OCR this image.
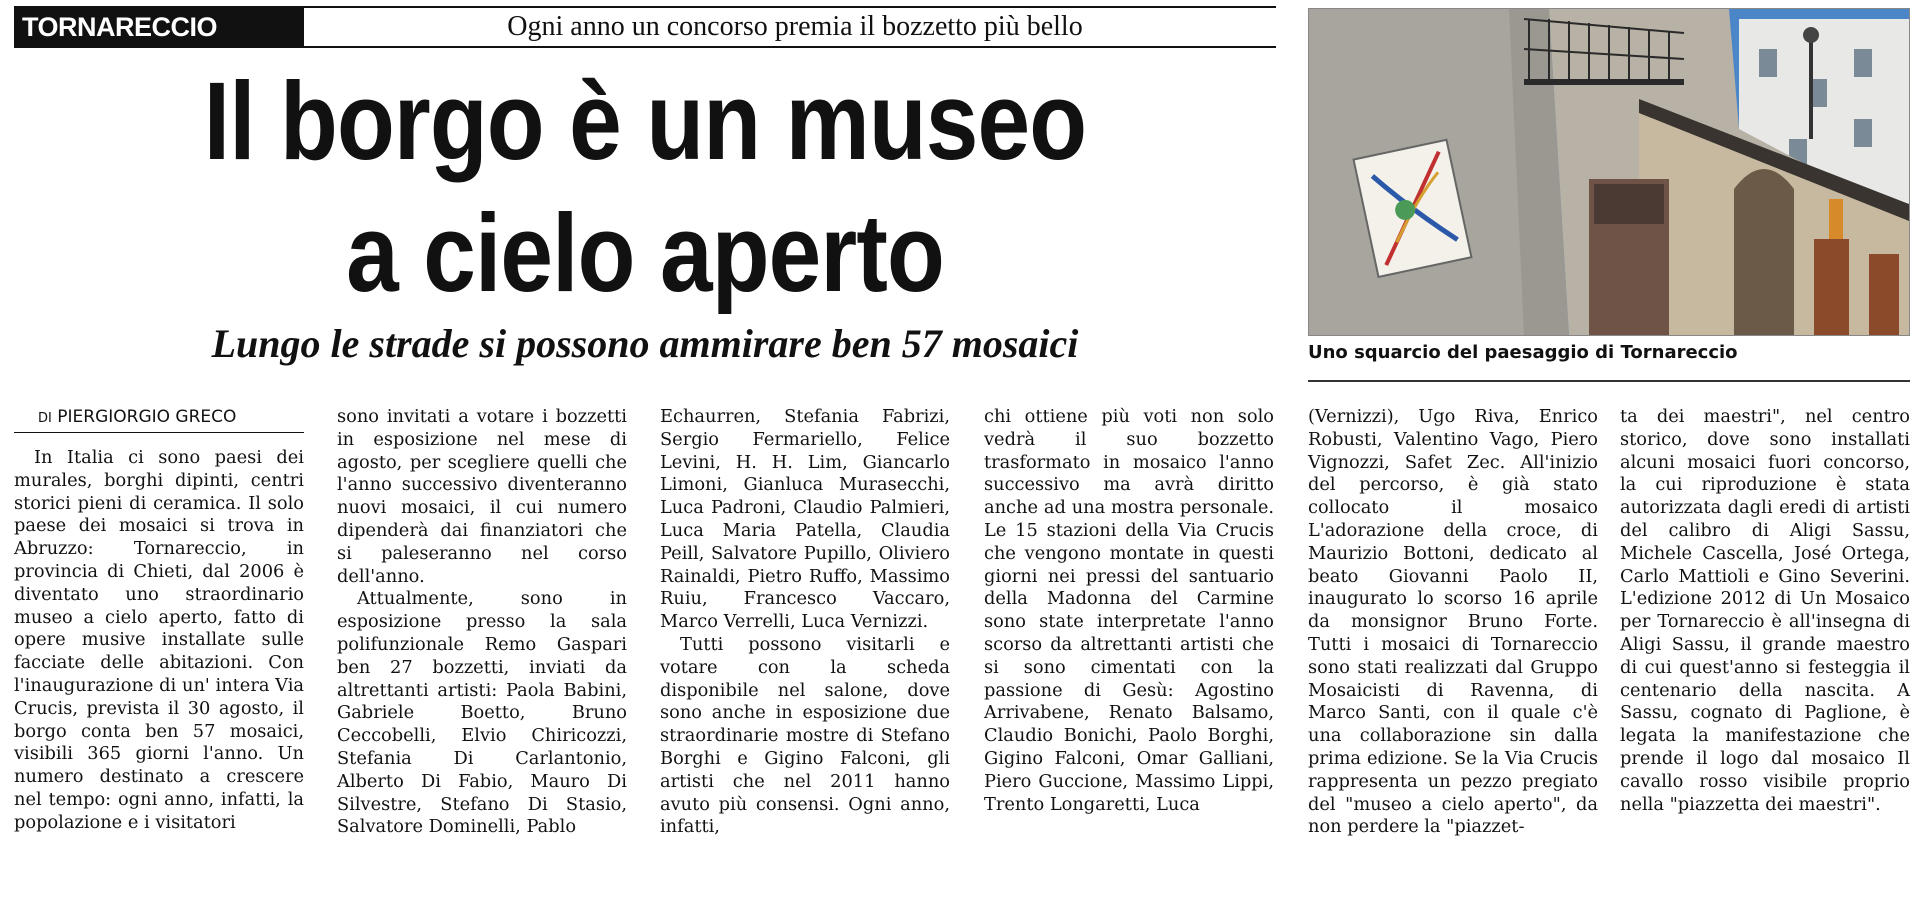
TORNARECCIO	Ogni anno un concorso premia il bozzetto più bello
Il borgo è un museo
a cielo aperto
Lungo le strade si possono ammirare ben 57 mosaici	Uno squarcio del paesaggio di Tornareccio
DI PIERGIORGIO GRECO

In Italia ci sono paesi dei murales, borghi dipinti, centri storici pieni di ceramica. Il solo paese dei mosaici si trova in Abruzzo: Tornareccio, in provincia di Chieti, dal 2006 è diventato uno straordinario museo a cielo aperto, fatto di opere musive installate sulle facciate delle abitazioni. Con l'inaugurazione di un' intera Via Crucis, prevista il 30 agosto, il borgo conta ben 57 mosaici, visibili 365 giorni l'anno. Un numero destinato a crescere nel tempo: ogni anno, infatti, la popolazione e i visitatori

sono invitati a votare i bozzetti in esposizione nel mese di agosto, per scegliere quelli che l'anno successivo diventeranno nuovi mosaici, il cui numero dipenderà dai finanziatori che si paleseranno nel corso dell'anno.

Attualmente, sono in esposizione presso la sala polifunzionale Remo Gaspari ben 27 bozzetti, inviati da altrettanti artisti: Paola Babini, Gabriele Boetto, Bruno Ceccobelli, Elvio Chiricozzi, Stefania Di Carlantonio, Alberto Di Fabio, Mauro Di Silvestre, Stefano Di Stasio, Salvatore Dominelli, Pablo

Echaurren, Stefania Fabrizi, Sergio Fermariello, Felice Levini, H. H. Lim, Giancarlo Limoni, Gianluca Murasecchi, Luca Padroni, Claudio Palmieri, Luca Maria Patella, Claudia Peill, Salvatore Pupillo, Oliviero Rainaldi, Pietro Ruffo, Massimo Ruiu, Francesco Vaccaro, Marco Verrelli, Luca Vernizzi.

Tutti possono visitarli e votare con la scheda disponibile nel salone, dove sono anche in esposizione due straordinarie mostre di Stefano Borghi e Gigino Falconi, gli artisti che nel 2011 hanno avuto più consensi. Ogni anno, infatti,

chi ottiene più voti non solo vedrà il suo bozzetto trasformato in mosaico l'anno successivo ma avrà diritto anche ad una mostra personale. Le 15 stazioni della Via Crucis che vengono montate in questi giorni nei pressi del santuario della Madonna del Carmine sono state interpretate l'anno scorso da altrettanti artisti che si sono cimentati con la passione di Gesù: Agostino Arrivabene, Renato Balsamo, Claudio Bonichi, Paolo Borghi, Gigino Falconi, Omar Galliani, Piero Guccione, Massimo Lippi, Trento Longaretti, Luca

(Vernizzi), Ugo Riva, Enrico Robusti, Valentino Vago, Piero Vignozzi, Safet Zec. All'inizio del percorso, è già stato collocato il mosaico L'adorazione della croce, di Maurizio Bottoni, dedicato al beato Giovanni Paolo II, inaugurato lo scorso 16 aprile da monsignor Bruno Forte. Tutti i mosaici di Tornareccio sono stati realizzati dal Gruppo Mosaicisti di Ravenna, di Marco Santi, con il quale c'è una collaborazione sin dalla prima edizione. Se la Via Crucis rappresenta un pezzo pregiato del "museo a cielo aperto", da non perdere la "piazzet-

ta dei maestri", nel centro storico, dove sono installati alcuni mosaici fuori concorso, la cui riproduzione è stata autorizzata dagli eredi di artisti del calibro di Aligi Sassu, Michele Cascella, José Ortega, Carlo Mattioli e Gino Severini. L'edizione 2012 di Un Mosaico per Tornareccio è all'insegna di Aligi Sassu, il grande maestro di cui quest'anno si festeggia il centenario della nascita. A Sassu, cognato di Paglione, è legata la manifestazione che prende il logo dal mosaico Il cavallo rosso visibile proprio nella "piazzetta dei maestri".
